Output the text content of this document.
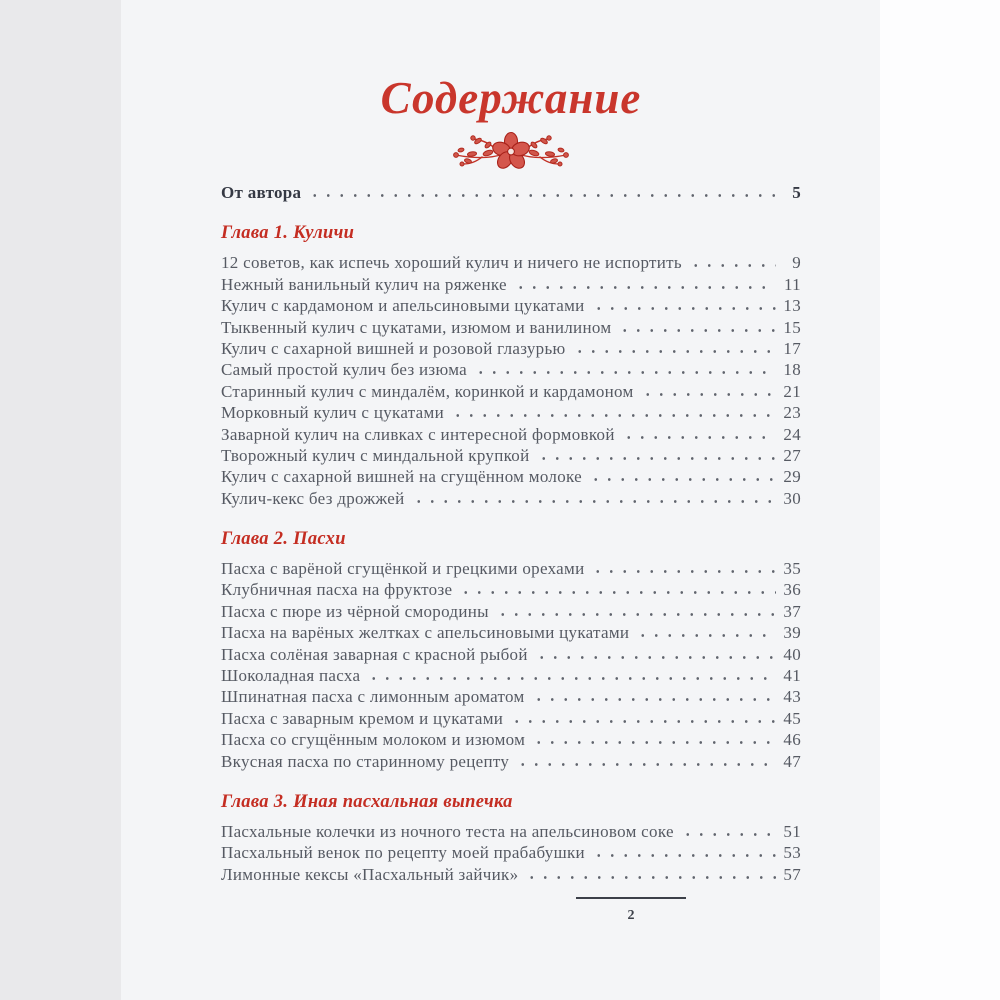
Содержание
От автора	5
Глава 1. Куличи
12 советов, как испечь хороший кулич и ничего не испортить	9
Нежный ванильный кулич на ряженке	11
Кулич с кардамоном и апельсиновыми цукатами	13
Тыквенный кулич с цукатами, изюмом и ванилином	15
Кулич с сахарной вишней и розовой глазурью	17
Самый простой кулич без изюма	18
Старинный кулич с миндалём, коринкой и кардамоном	21
Морковный кулич с цукатами	23
Заварной кулич на сливках с интересной формовкой	24
Творожный кулич с миндальной крупкой	27
Кулич с сахарной вишней на сгущённом молоке	29
Кулич-кекс без дрожжей	30
Глава 2. Пасхи
Пасха с варёной сгущёнкой и грецкими орехами	35
Клубничная пасха на фруктозе	36
Пасха с пюре из чёрной смородины	37
Пасха на варёных желтках с апельсиновыми цукатами	39
Пасха солёная заварная с красной рыбой	40
Шоколадная пасха	41
Шпинатная пасха с лимонным ароматом	43
Пасха с заварным кремом и цукатами	45
Пасха со сгущённым молоком и изюмом	46
Вкусная пасха по старинному рецепту	47
Глава 3. Иная пасхальная выпечка
Пасхальные колечки из ночного теста на апельсиновом соке	51
Пасхальный венок по рецепту моей прабабушки	53
Лимонные кексы «Пасхальный зайчик»	57
2
